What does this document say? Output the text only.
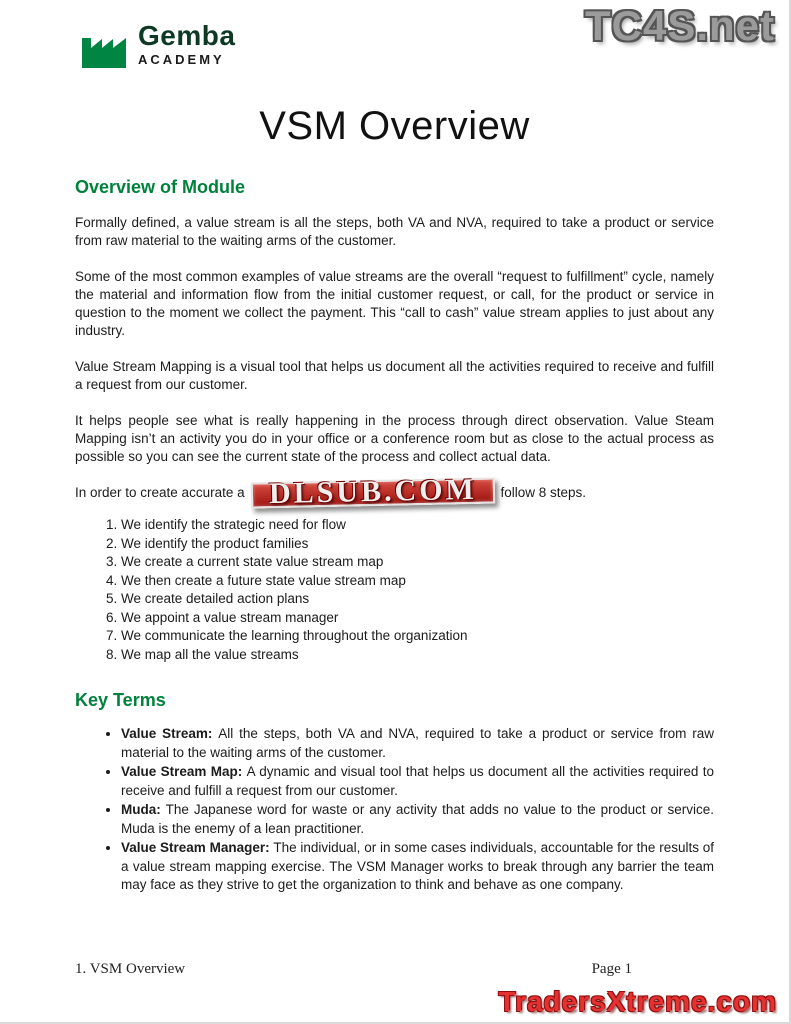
TC4S.net
Gemba
ACADEMY
VSM Overview
Overview of Module

Formally defined, a value stream is all the steps, both VA and NVA, required to take a product or service from raw material to the waiting arms of the customer.

Some of the most common examples of value streams are the overall “request to fulfillment” cycle, namely the material and information flow from the initial customer request, or call, for the product or service in question to the moment we collect the payment. This “call to cash” value stream applies to just about any industry.

Value Stream Mapping is a visual tool that helps us document all the activities required to receive and fulfill a request from our customer.

It helps people see what is really happening in the process through direct observation. Value Steam Mapping isn’t an activity you do in your office or a conference room but as close to the actual process as possible so you can see the current state of the process and collect actual data.

In order to create accurate a DLSUB.COM	follow 8 steps.
1. We identify the strategic need for flow
2. We identify the product families
3. We create a current state value stream map
4. We then create a future state value stream map
5. We create detailed action plans
6. We appoint a value stream manager
7. We communicate the learning throughout the organization
8. We map all the value streams
Key Terms
• Value Stream: All the steps, both VA and NVA, required to take a product or service from raw material to the waiting arms of the customer.
• Value Stream Map: A dynamic and visual tool that helps us document all the activities required to receive and fulfill a request from our customer.
• Muda: The Japanese word for waste or any activity that adds no value to the product or service. Muda is the enemy of a lean practitioner.
• Value Stream Manager: The individual, or in some cases individuals, accountable for the results of a value stream mapping exercise. The VSM Manager works to break through any barrier the team may face as they strive to get the organization to think and behave as one company.
1. VSM Overview	Page 1
TradersXtreme.com
